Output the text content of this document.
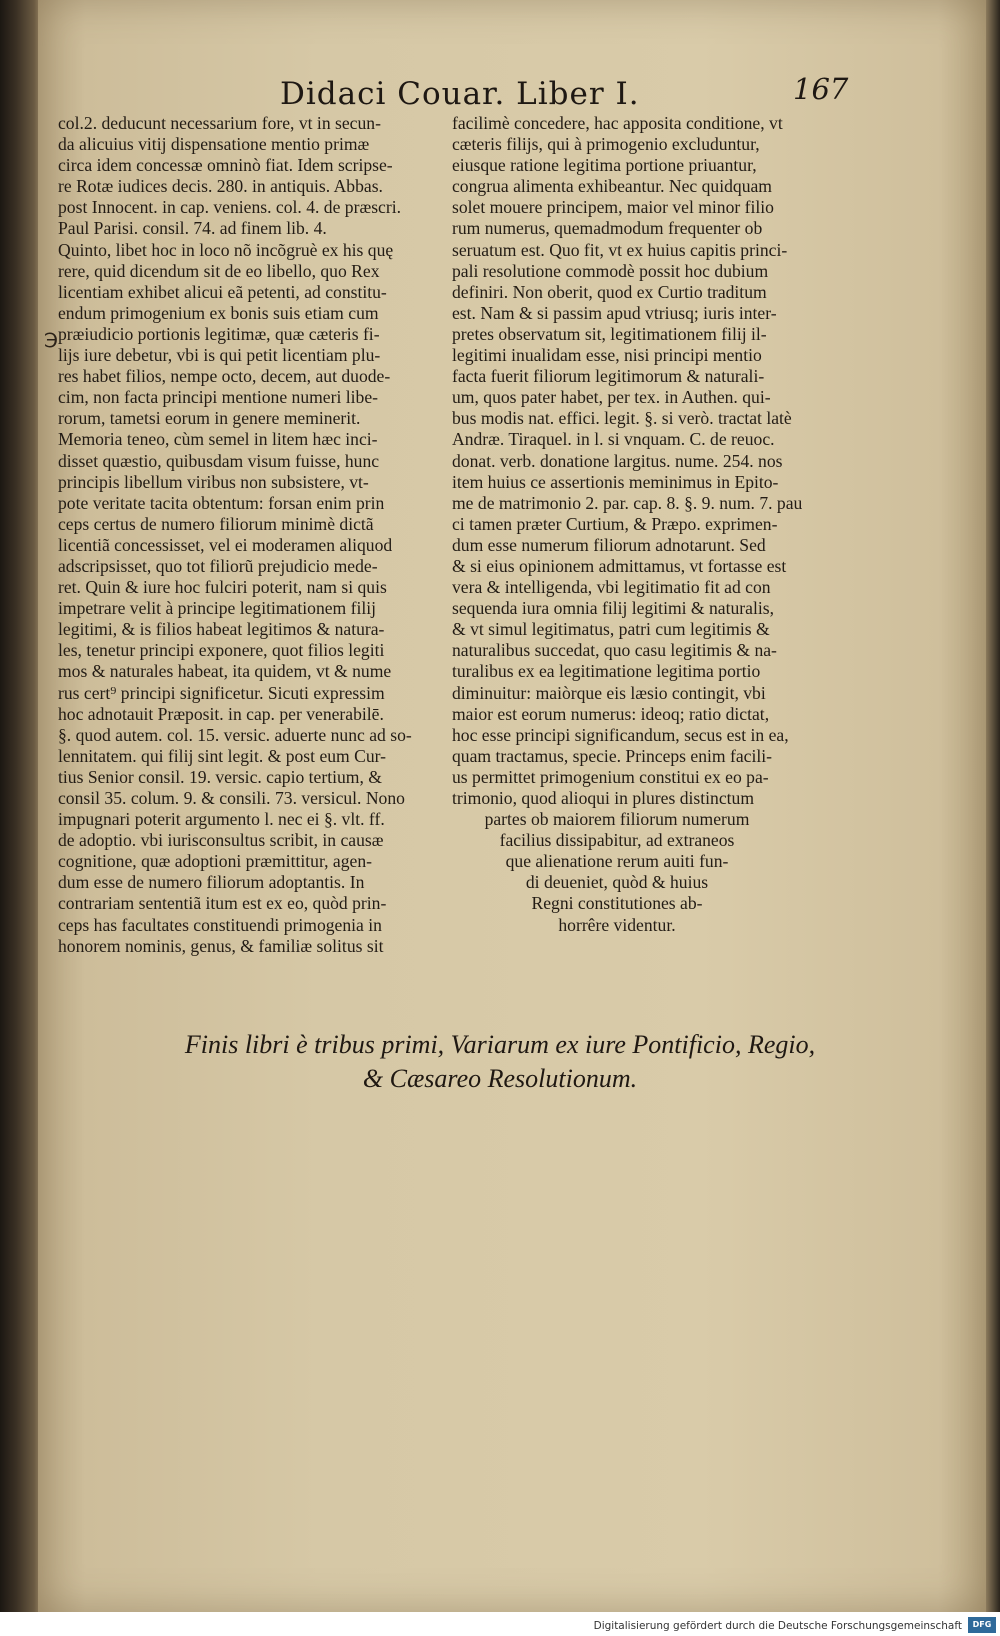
Didaci Couar. Liber I.	167
℈
col.2. deducunt necessarium fore, vt in secun-
da alicuius vitij dispensatione mentio primæ
circa idem concessæ omninò fiat. Idem scripse-
re Rotæ iudices decis. 280. in antiquis. Abbas.
post Innocent. in cap. veniens. col. 4. de præscri.
Paul Parisi. consil. 74. ad finem lib. 4.
Quinto, libet hoc in loco nõ incõgruè ex his quę
rere, quid dicendum sit de eo libello, quo Rex
licentiam exhibet alicui eã petenti, ad constitu-
endum primogenium ex bonis suis etiam cum
præiudicio portionis legitimæ, quæ cæteris fi-
lijs iure debetur, vbi is qui petit licentiam plu-
res habet filios, nempe octo, decem, aut duode-
cim, non facta principi mentione numeri libe-
rorum, tametsi eorum in genere meminerit.
Memoria teneo, cùm semel in litem hæc inci-
disset quæstio, quibusdam visum fuisse, hunc
principis libellum viribus non subsistere, vt-
pote veritate tacita obtentum: forsan enim prin
ceps certus de numero filiorum minimè dictã
licentiã concessisset, vel ei moderamen aliquod
adscripsisset, quo tot filiorũ prejudicio mede-
ret. Quin & iure hoc fulciri poterit, nam si quis
impetrare velit à principe legitimationem filij
legitimi, & is filios habeat legitimos & natura-
les, tenetur principi exponere, quot filios legiti
mos & naturales habeat, ita quidem, vt & nume
rus cert⁹ principi significetur. Sicuti expressim
hoc adnotauit Præposit. in cap. per venerabilē.
§. quod autem. col. 15. versic. aduerte nunc ad so-
lennitatem. qui filij sint legit. & post eum Cur-
tius Senior consil. 19. versic. capio tertium, &
consil 35. colum. 9. & consili. 73. versicul. Nono
impugnari poterit argumento l. nec ei §. vlt. ff.
de adoptio. vbi iurisconsultus scribit, in causæ
cognitione, quæ adoptioni præmittitur, agen-
dum esse de numero filiorum adoptantis. In
contrariam sententiã itum est ex eo, quòd prin-
ceps has facultates constituendi primogenia in
honorem nominis, genus, & familiæ solitus sit
facilimè concedere, hac apposita conditione, vt
cæteris filijs, qui à primogenio excluduntur,
eiusque ratione legitima portione priuantur,
congrua alimenta exhibeantur. Nec quidquam
solet mouere principem, maior vel minor filio
rum numerus, quemadmodum frequenter ob
seruatum est. Quo fit, vt ex huius capitis princi-
pali resolutione commodè possit hoc dubium
definiri. Non oberit, quod ex Curtio traditum
est. Nam & si passim apud vtriusq; iuris inter-
pretes observatum sit, legitimationem filij il-
legitimi inualidam esse, nisi principi mentio
facta fuerit filiorum legitimorum & naturali-
um, quos pater habet, per tex. in Authen. qui-
bus modis nat. effici. legit. §. si verò. tractat latè
Andræ. Tiraquel. in l. si vnquam. C. de reuoc.
donat. verb. donatione largitus. nume. 254. nos
item huius ce assertionis meminimus in Epito-
me de matrimonio 2. par. cap. 8. §. 9. num. 7. pau
ci tamen præter Curtium, & Præpo. exprimen-
dum esse numerum filiorum adnotarunt. Sed
& si eius opinionem admittamus, vt fortasse est
vera & intelligenda, vbi legitimatio fit ad con
sequenda iura omnia filij legitimi & naturalis,
& vt simul legitimatus, patri cum legitimis &
naturalibus succedat, quo casu legitimis & na-
turalibus ex ea legitimatione legitima portio
diminuitur: maiòrque eis læsio contingit, vbi
maior est eorum numerus: ideoq; ratio dictat,
hoc esse principi significandum, secus est in ea,
quam tractamus, specie. Princeps enim facili-
us permittet primogenium constitui ex eo pa-
trimonio, quod alioqui in plures distinctum
partes ob maiorem filiorum numerum
facilius dissipabitur, ad extraneos
que alienatione rerum auiti fun-
di deueniet, quòd & huius
Regni constitutiones ab-
horrêre videntur.
Finis libri è tribus primi, Variarum ex iure Pontificio, Regio,
& Cæsareo Resolutionum.
Digitalisierung gefördert durch die Deutsche Forschungsgemeinschaft	DFG
